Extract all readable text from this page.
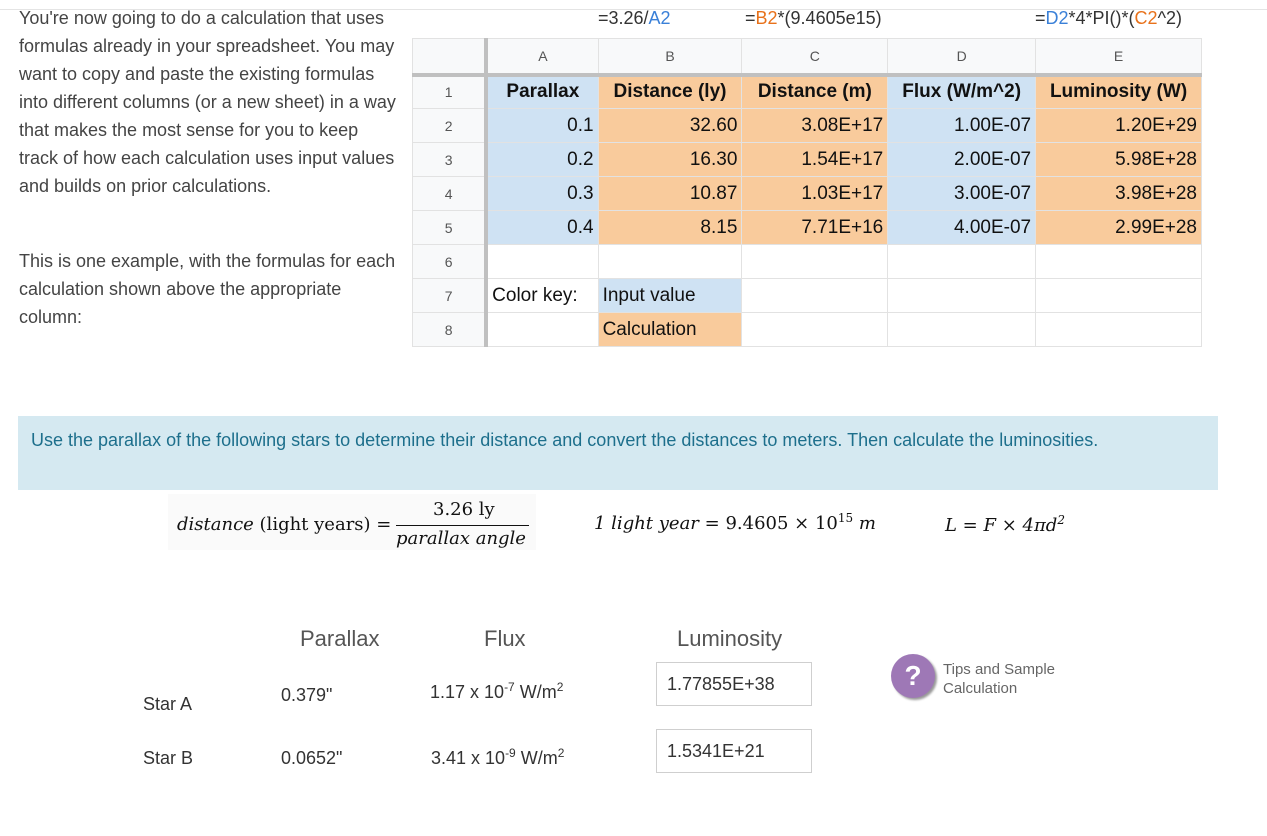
You're now going to do a calculation that uses formulas already in your spreadsheet. You may want to copy and paste the existing formulas into different columns (or a new sheet) in a way that makes the most sense for you to keep track of how each calculation uses input values and builds on prior calculations.
This is one example, with the formulas for each calculation shown above the appropriate column:
=3.26/A2	=B2*(9.4605e15)	=D2*4*PI()*(C2^2)
	A	B	C	D	E
1	Parallax	Distance (ly)	Distance (m)	Flux (W/m^2)	Luminosity (W)
2	0.1	32.60	3.08E+17	1.00E-07	1.20E+29
3	0.2	16.30	1.54E+17	2.00E-07	5.98E+28
4	0.3	10.87	1.03E+17	3.00E-07	3.98E+28
5	0.4	8.15	7.71E+16	4.00E-07	2.99E+28
6					
7	Color key:	Input value			
8		Calculation			
Use the parallax of the following stars to determine their distance and convert the distances to meters. Then calculate the luminosities.
distance (light years) =
3.26 ly
parallax angle
1 light year = $9.4605 \times 10^{15}$ m	$L = F \times 4\pi d^2$
Parallax	Flux	Luminosity
Star A	0.379"	1.17 x $10^{-7}$ $W/m^2$	1.77855E+38
Star B	0.0652"	3.41 x $10^{-9}$ $W/m^2$	1.5341E+21
?	Tips and Sample Calculation
